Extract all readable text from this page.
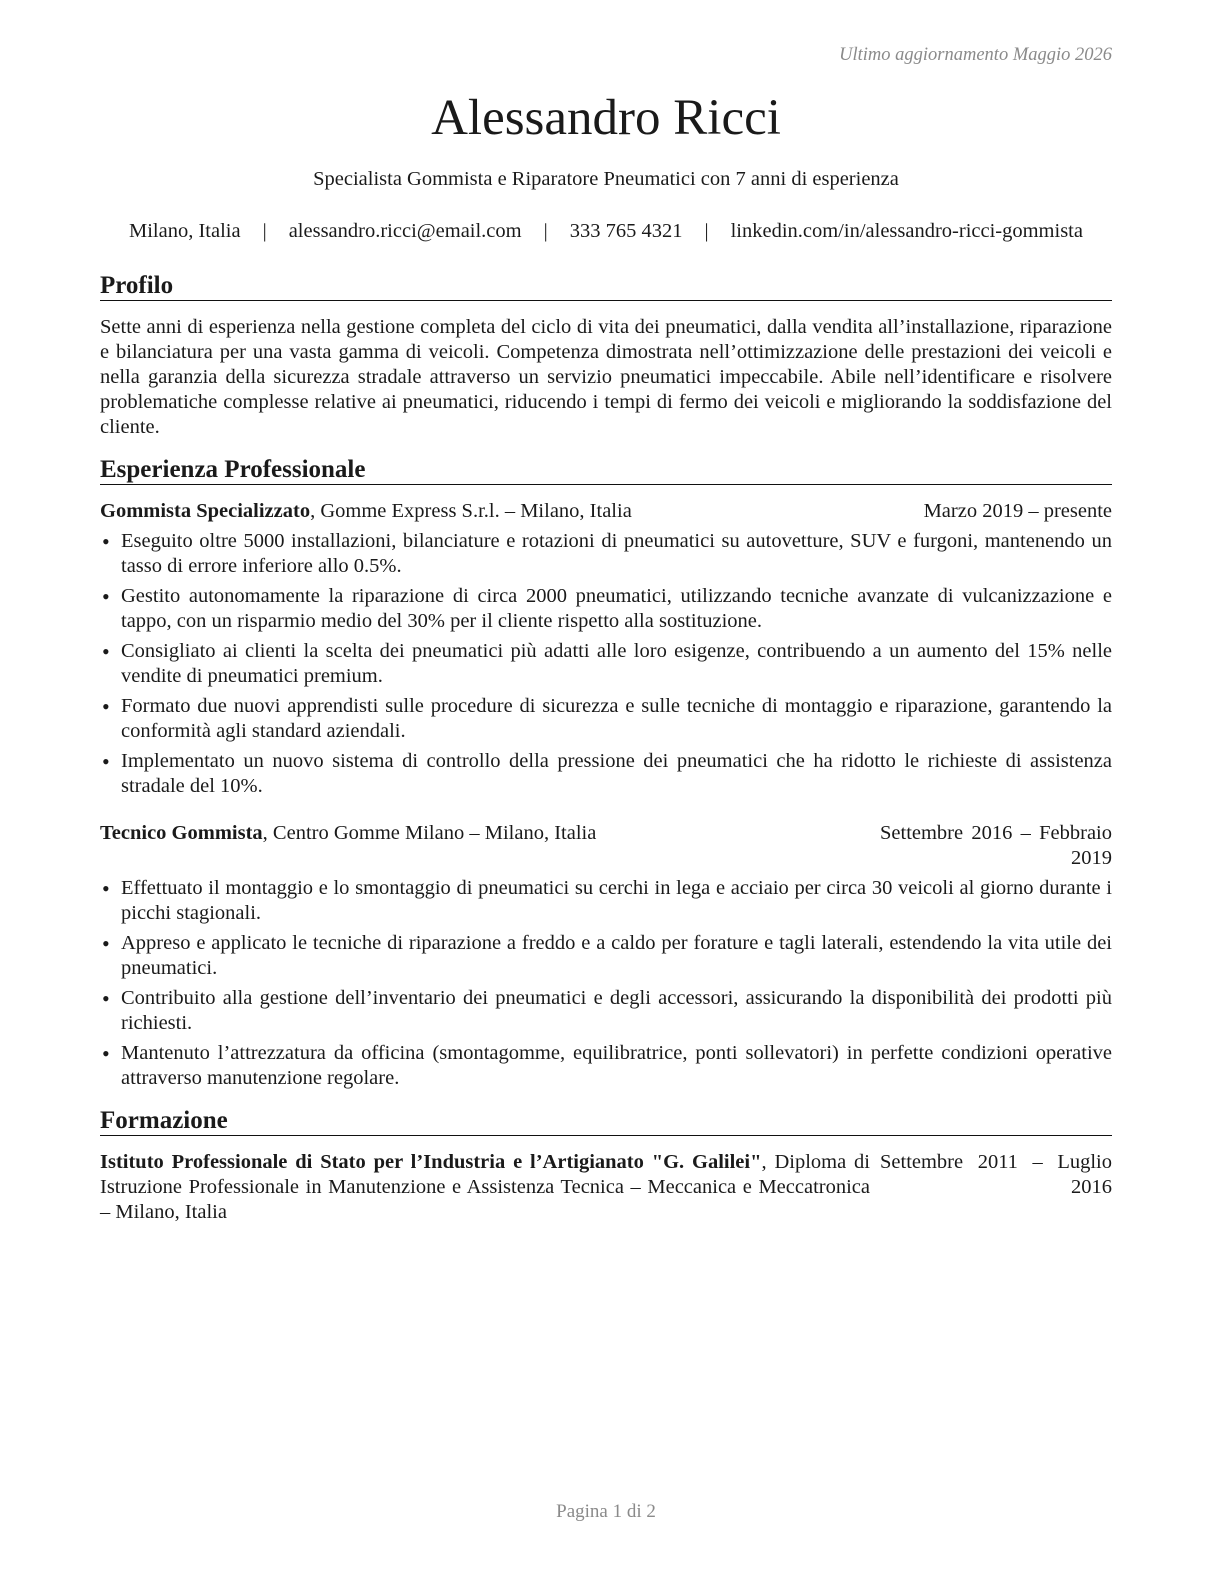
Ultimo aggiornamento Maggio 2026
Alessandro Ricci
Specialista Gommista e Riparatore Pneumatici con 7 anni di esperienza
Milano, Italia | alessandro.ricci@email.com | 333 765 4321 | linkedin.com/in/alessandro-ricci-gommista
Profilo

Sette anni di esperienza nella gestione completa del ciclo di vita dei pneumatici, dalla vendita all’installazione, riparazione e bilanciatura per una vasta gamma di veicoli. Competenza dimostrata nell’ottimizzazione delle prestazioni dei veicoli e nella garanzia della sicurezza stradale attraverso un servizio pneumatici impeccabile. Abile nell’identificare e risolvere problematiche complesse relative ai pneumatici, riducendo i tempi di fermo dei veicoli e migliorando la soddisfazione del cliente.

Esperienza Professionale
Gommista Specializzato, Gomme Express S.r.l. – Milano, Italia	Marzo 2019 – presente
• Eseguito oltre 5000 installazioni, bilanciature e rotazioni di pneumatici su autovetture, SUV e furgoni, mantenendo un tasso di errore inferiore allo 0.5%.
• Gestito autonomamente la riparazione di circa 2000 pneumatici, utilizzando tecniche avanzate di vulcanizzazione e tappo, con un risparmio medio del 30% per il cliente rispetto alla sostituzione.
• Consigliato ai clienti la scelta dei pneumatici più adatti alle loro esigenze, contribuendo a un aumento del 15% nelle vendite di pneumatici premium.
• Formato due nuovi apprendisti sulle procedure di sicurezza e sulle tecniche di montaggio e riparazione, garantendo la conformità agli standard aziendali.
• Implementato un nuovo sistema di controllo della pressione dei pneumatici che ha ridotto le richieste di assistenza stradale del 10%.
Tecnico Gommista, Centro Gomme Milano – Milano, Italia	Settembre 2016 – Febbraio 2019
• Effettuato il montaggio e lo smontaggio di pneumatici su cerchi in lega e acciaio per circa 30 veicoli al giorno durante i picchi stagionali.
• Appreso e applicato le tecniche di riparazione a freddo e a caldo per forature e tagli laterali, estendendo la vita utile dei pneumatici.
• Contribuito alla gestione dell’inventario dei pneumatici e degli accessori, assicurando la disponibilità dei prodotti più richiesti.
• Mantenuto l’attrezzatura da officina (smontagomme, equilibratrice, ponti sollevatori) in perfette condizioni operative attraverso manutenzione regolare.
Formazione
Istituto Professionale di Stato per l’Industria e l’Artigianato "G. Galilei", Diploma di Istruzione Professionale in Manutenzione e Assistenza Tecnica – Meccanica e Meccatronica – Milano, Italia
Settembre 2011 – Luglio 2016
Pagina 1 di 2
